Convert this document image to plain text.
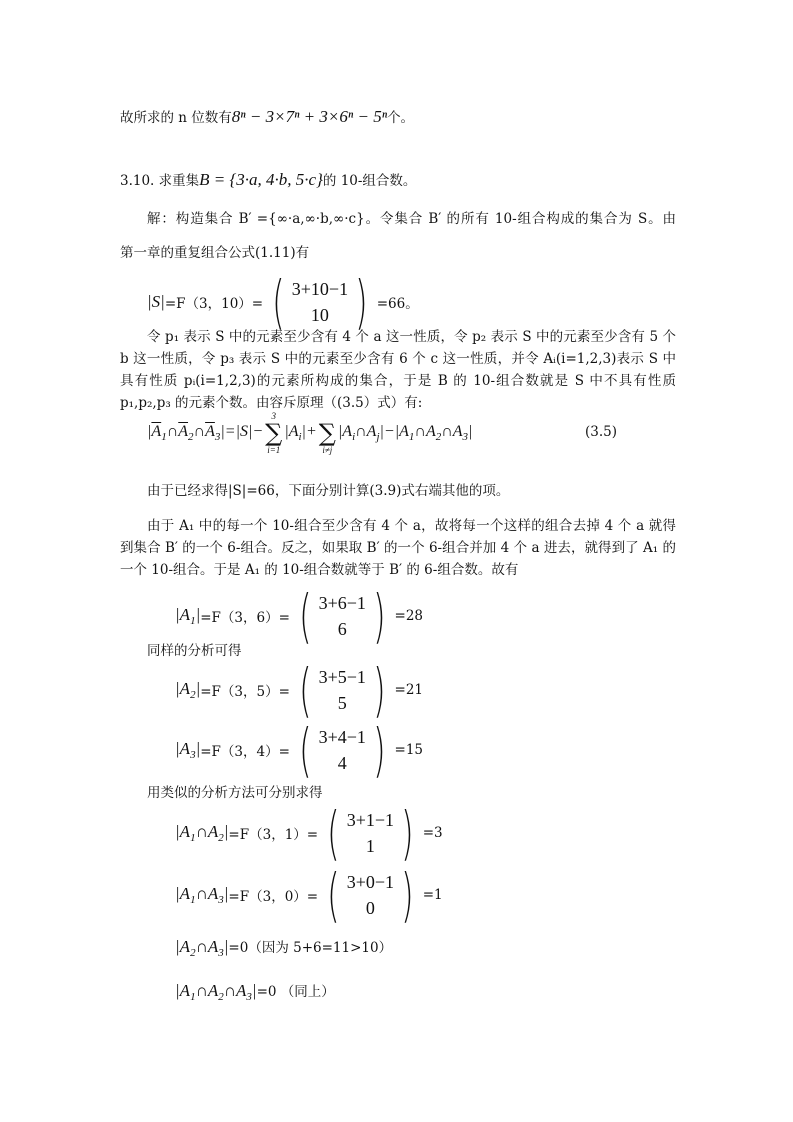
故所求的 n 位数有8ⁿ − 3×7ⁿ + 3×6ⁿ − 5ⁿ个。
3.10. 求重集B = {3·a, 4·b, 5·c}的 10-组合数。
解：构造集合 B′ ={∞·a,∞·b,∞·c}。令集合 B′ 的所有 10-组合构成的集合为 S。由
第一章的重复组合公式(1.11)有
|S| =F（3，10）= ( 3+10−1
10 ) =66。
令 p₁ 表示 S 中的元素至少含有 4 个 a 这一性质，令 p₂ 表示 S 中的元素至少含有 5 个 b 这一性质，令 p₃ 表示 S 中的元素至少含有 6 个 c 这一性质，并令 Aᵢ(i=1,2,3)表示 S 中具有性质 pᵢ(i=1,2,3)的元素所构成的集合，于是 B 的 10-组合数就是 S 中不具有性质 p₁,p₂,p₃ 的元素个数。由容斥原理（(3.5）式）有:
$|\overline{A}_1\cap\overline{A}_2\cap\overline{A}_3|=|S|-$
3
∑
i=1
$|A_i|+$
∑
i≠j
$|A_i\cap A_j|-|A_1\cap A_2\cap A_3|$	(3.5)
由于已经求得|S|=66，下面分别计算(3.9)式右端其他的项。
由于 A₁ 中的每一个 10-组合至少含有 4 个 a，故将每一个这样的组合去掉 4 个 a 就得到集合 B′ 的一个 6-组合。反之，如果取 B′ 的一个 6-组合并加 4 个 a 进去，就得到了 A₁ 的一个 10-组合。于是 A₁ 的 10-组合数就等于 B′ 的 6-组合数。故有
$|A_1| =F(3$，6）= ( 3+6−1
6 ) =28
同样的分析可得
$|A_2| =F(3$，5）= ( 3+5−1
5 ) =21
$|A_3| =F(3$，4）= ( 3+4−1
4 ) =15
用类似的分析方法可分别求得
$|A_1\cap A_2| =F(3$，1）= ( 3+1−1
1 ) =3
$|A_1\cap A_3| =F(3$，0）= ( 3+0−1
0 ) =1
$|A_2\cap A_3|=0$（因为 5+6=11>10）
$|A_1\cap A_2\cap A_3|=0$ （同上）
